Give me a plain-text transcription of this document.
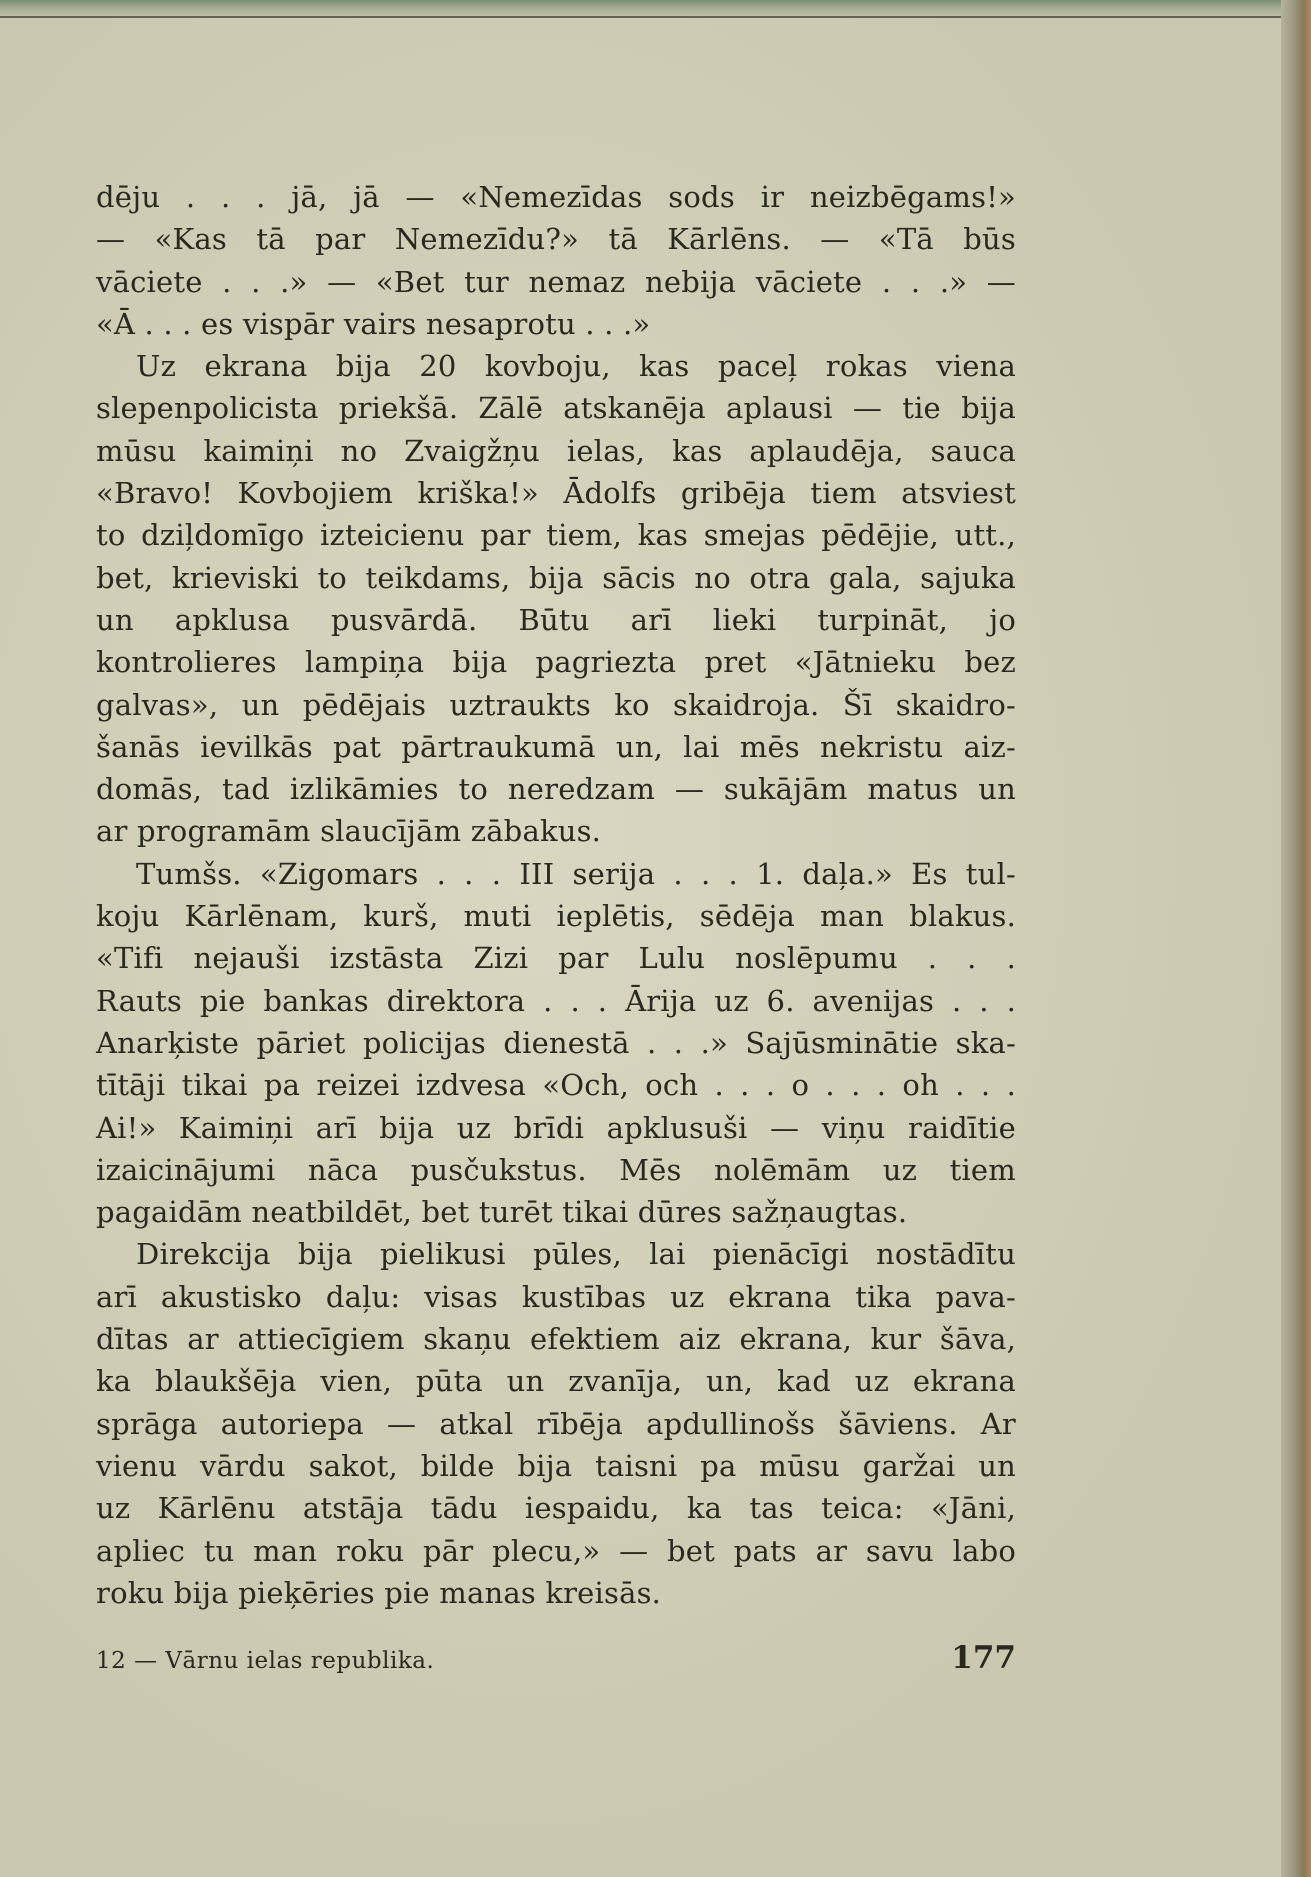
dēju . . . jā, jā — «Nemezīdas sods ir neizbēgams!»
— «Kas tā par Nemezīdu?» tā Kārlēns. — «Tā būs
vāciete . . .» — «Bet tur nemaz nebija vāciete . . .» —
«Ā . . . es vispār vairs nesaprotu . . .»
Uz ekrana bija 20 kovboju, kas paceļ rokas viena
slepenpolicista priekšā. Zālē atskanēja aplausi — tie bija
mūsu kaimiņi no Zvaigžņu ielas, kas aplaudēja, sauca
«Bravo! Kovbojiem kriška!» Ādolfs gribēja tiem atsviest
to dziļdomīgo izteicienu par tiem, kas smejas pēdējie, utt.,
bet, krieviski to teikdams, bija sācis no otra gala, sajuka
un apklusa pusvārdā. Būtu arī lieki turpināt, jo
kontrolieres lampiņa bija pagriezta pret «Jātnieku bez
galvas», un pēdējais uztraukts ko skaidroja. Šī skaidro-
šanās ievilkās pat pārtraukumā un, lai mēs nekristu aiz-
domās, tad izlikāmies to neredzam — sukājām matus un
ar programām slaucījām zābakus.
Tumšs. «Zigomars . . . III serija . . . 1. daļa.» Es tul-
koju Kārlēnam, kurš, muti ieplētis, sēdēja man blakus.
«Tifi nejauši izstāsta Zizi par Lulu noslēpumu . . .
Rauts pie bankas direktora . . . Ārija uz 6. avenijas . . .
Anarķiste pāriet policijas dienestā . . .» Sajūsminātie ska-
tītāji tikai pa reizei izdvesa «Och, och . . . o . . . oh . . .
Ai!» Kaimiņi arī bija uz brīdi apklusuši — viņu raidītie
izaicinājumi nāca pusčukstus. Mēs nolēmām uz tiem
pagaidām neatbildēt, bet turēt tikai dūres sažņaugtas.
Direkcija bija pielikusi pūles, lai pienācīgi nostādītu
arī akustisko daļu: visas kustības uz ekrana tika pava-
dītas ar attiecīgiem skaņu efektiem aiz ekrana, kur šāva,
ka blaukšēja vien, pūta un zvanīja, un, kad uz ekrana
sprāga autoriepa — atkal rībēja apdullinošs šāviens. Ar
vienu vārdu sakot, bilde bija taisni pa mūsu garžai un
uz Kārlēnu atstāja tādu iespaidu, ka tas teica: «Jāni,
apliec tu man roku pār plecu,» — bet pats ar savu labo
roku bija pieķēries pie manas kreisās.
12 — Vārnu ielas republika.	177
